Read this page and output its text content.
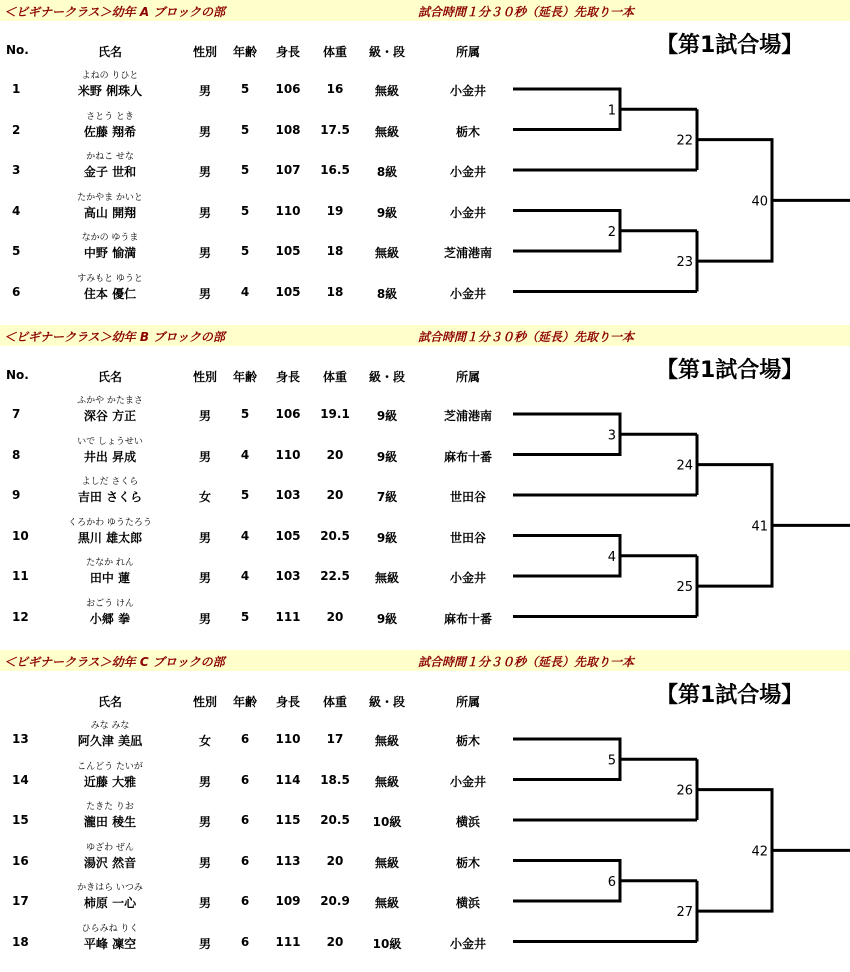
＜ビギナークラス＞幼年 A ブロックの部	試合時間１分３０秒（延長）先取り一本
【第1試合場】
No.	氏名	性別 年齢 身長 体重 級・段	所属
よねの りひと
1	米野 俐珠人	男 5 106 16	無級	小金井
さとう とき
2	佐藤 翔希	男 5 108 17.5 無級	栃木
かねこ せな
3	金子 世和	男 5 107 16.5 8級	小金井
たかやま かいと
4	高山 開翔	男 5 110 19	9級	小金井
なかの ゆうま
5	中野 愉満	男 5 105 18	無級	芝浦港南
すみもと ゆうと
6	住本 優仁	男 4 105 18	8級	小金井
1
2
22
23
40
＜ビギナークラス＞幼年 B ブロックの部	試合時間１分３０秒（延長）先取り一本
【第1試合場】
No.	氏名	性別 年齢 身長 体重 級・段	所属
ふかや かたまさ
7	深谷 方正	男 5 106 19.1 9級	芝浦港南
いで しょうせい
8	井出 昇成	男 4 110 20	9級	麻布十番
よしだ さくら
9	吉田 さくら	女 5 103 20	7級	世田谷
くろかわ ゆうたろう
10	黒川 雄太郎	男 4 105 20.5 9級	世田谷
たなか れん
11	田中 蓮	男 4 103 22.5 無級	小金井
おごう けん
12	小郷 拳	男 5 111 20	9級	麻布十番
3
4
24
25
41
＜ビギナークラス＞幼年 C ブロックの部	試合時間１分３０秒（延長）先取り一本
【第1試合場】
氏名	性別 年齢 身長 体重 級・段	所属
みな みな
13	阿久津 美凪	女 6 110 17	無級	栃木
こんどう たいが
14	近藤 大雅	男 6 114 18.5 無級	小金井
たきた りお
15	瀧田 稜生	男 6 115 20.5 10級	横浜
ゆざわ ぜん
16	湯沢 然音	男 6 113 20	無級	栃木
かきはら いつみ
17	柿原 一心	男 6 109 20.9 無級	横浜
ひらみね りく
18	平峰 凜空	男 6 111 20 10級	小金井
5
6
26
27
42
